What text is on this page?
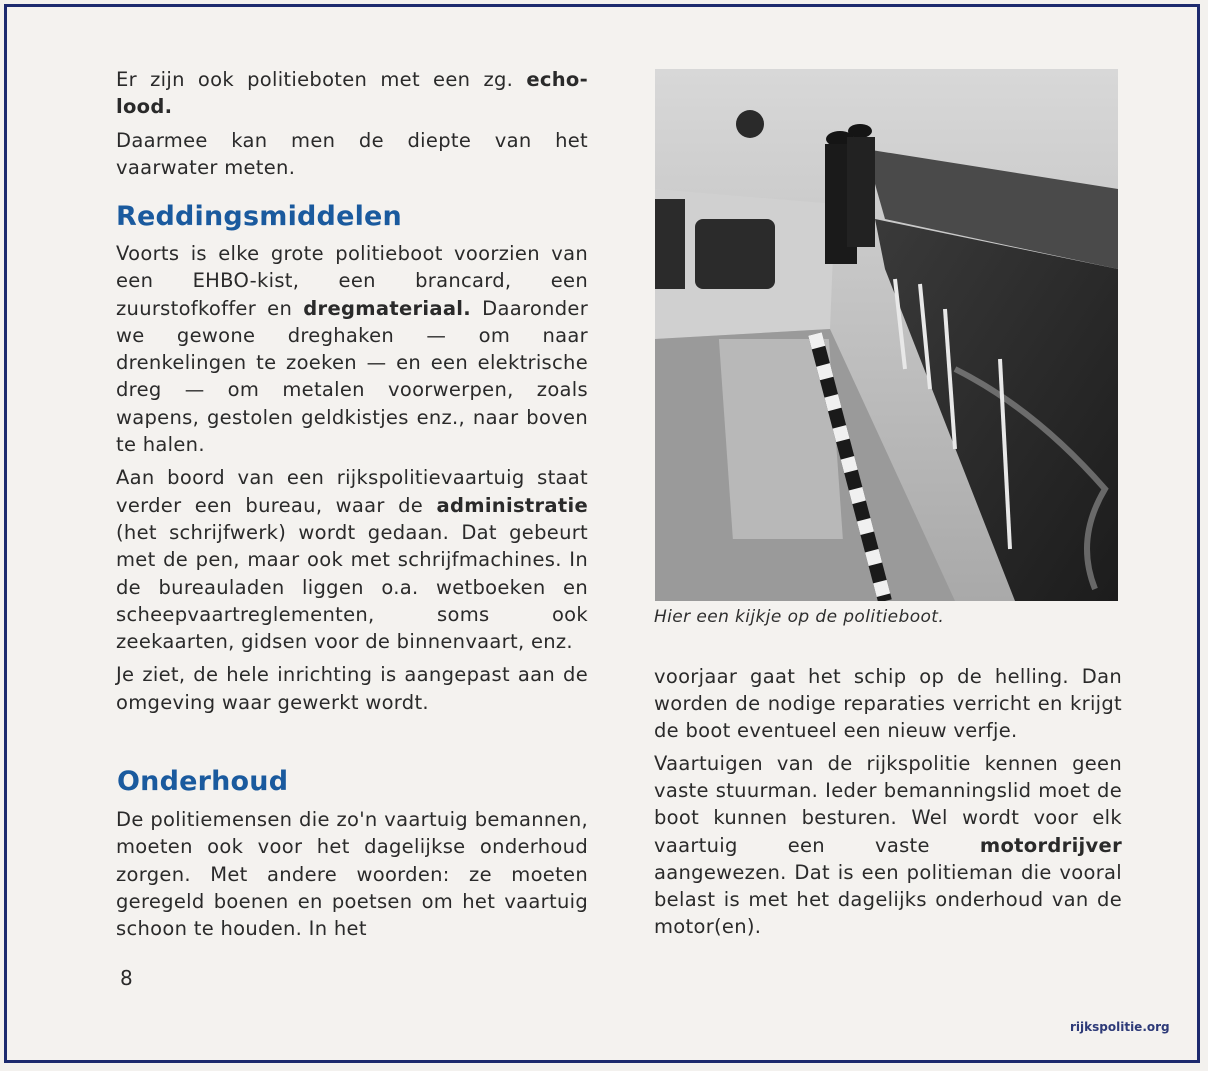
Er zijn ook politieboten met een zg. echo-lood.

Daarmee kan men de diepte van het vaarwater meten.

Reddingsmiddelen

Voorts is elke grote politieboot voorzien van een EHBO-kist, een brancard, een zuurstofkoffer en dregmateriaal. Daaronder we gewone dreghaken — om naar drenkelingen te zoeken — en een elektrische dreg — om metalen voorwerpen, zoals wapens, gestolen geldkistjes enz., naar boven te halen.

Aan boord van een rijkspolitievaartuig staat verder een bureau, waar de administratie (het schrijfwerk) wordt gedaan. Dat gebeurt met de pen, maar ook met schrijfmachines. In de bureauladen liggen o.a. wetboeken en scheepvaartreglementen, soms ook zeekaarten, gidsen voor de binnenvaart, enz.

Je ziet, de hele inrichting is aangepast aan de omgeving waar gewerkt wordt.

Onderhoud

De politiemensen die zo'n vaartuig bemannen, moeten ook voor het dagelijkse onderhoud zorgen. Met andere woorden: ze moeten geregeld boenen en poetsen om het vaartuig schoon te houden. In het

Hier een kijkje op de politieboot.

voorjaar gaat het schip op de helling. Dan worden de nodige reparaties verricht en krijgt de boot eventueel een nieuw verfje.

Vaartuigen van de rijkspolitie kennen geen vaste stuurman. Ieder bemanningslid moet de boot kunnen besturen. Wel wordt voor elk vaartuig een vaste	motordrijver aangewezen. Dat is een politieman die vooral belast is met het dagelijks onderhoud van de motor(en).

8
rijkspolitie.org
